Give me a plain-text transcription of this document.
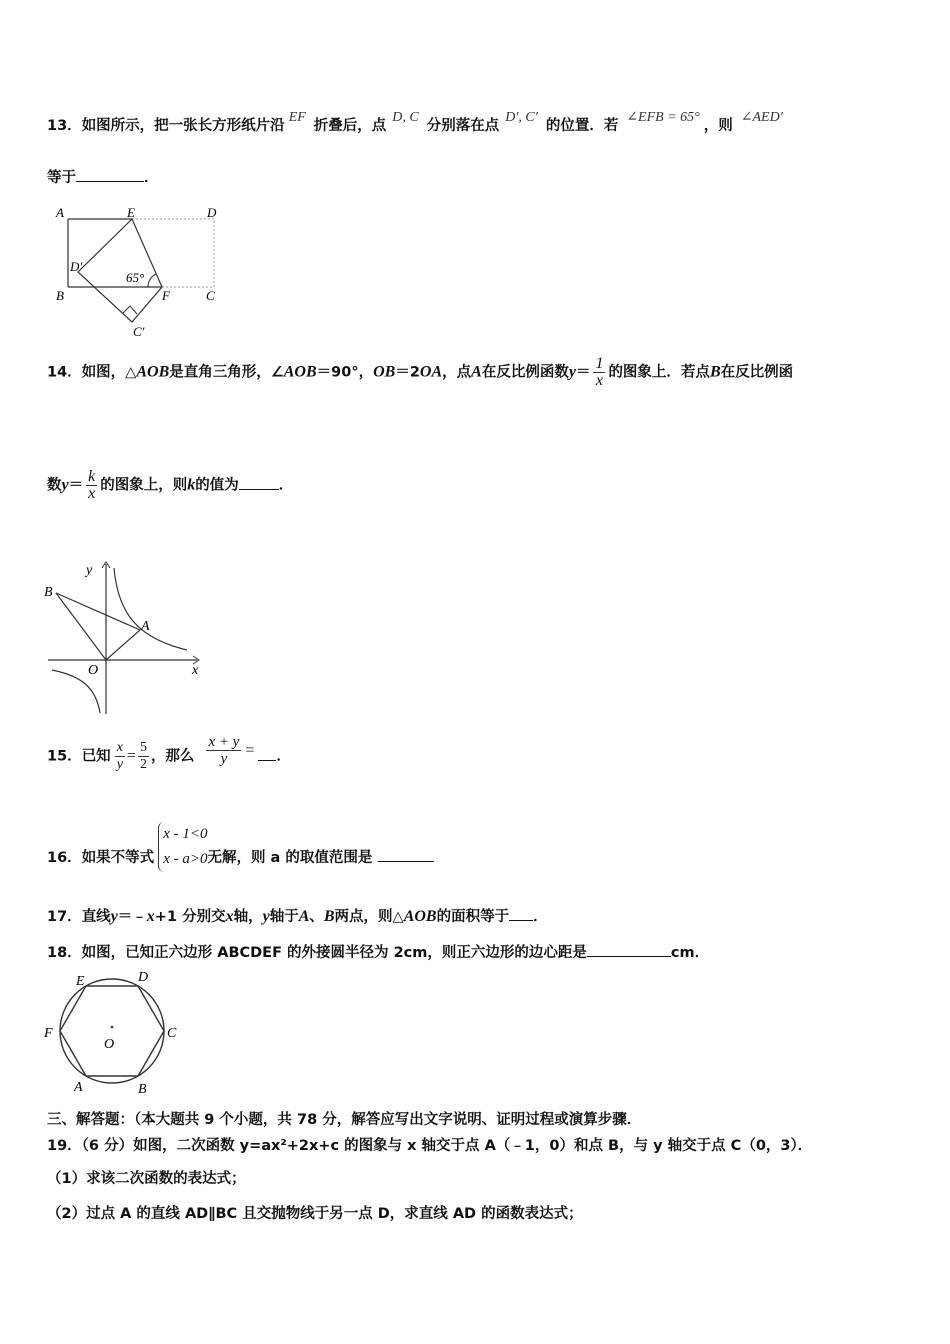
13．如图所示，把一张长方形纸片沿EF折叠后，点D, C分别落在点D′, C′的位置．若∠EFB = 65°，则∠AED′
等于	．
A	E	D
D′
65°
B	F	C
C′
14．如图，△AOB是直角三角形，∠AOB＝90°，OB＝2OA，点A在反比例函数$y= \frac{1}{x}$ 的图象上．若点B在反比例函
数$y= \frac{k}{x}$ 的图象上，则k的值为	．
B
y
A
O	x
15．已知 $\frac{x}{y} = \frac{5}{2}$ ，那么 $\frac{x + y}{y}$ = ．
16．如果不等式
x - 1<0
x - a>0 无解，则 a 的取值范围是
17．直线y＝﹣x+1 分别交x轴，y轴于A、B两点，则△AOB的面积等于 ．
18．如图，已知正六边形 ABCDEF 的外接圆半径为 2cm，则正六边形的边心距是	cm．
E	D
F	C
O
A	B
三、解答题：（本大题共 9 个小题，共 78 分，解答应写出文字说明、证明过程或演算步骤．
19．（6 分）如图，二次函数 y=ax²+2x+c 的图象与 x 轴交于点 A（﹣1，0）和点 B，与 y 轴交于点 C（0，3）．
（1）求该二次函数的表达式；
（2）过点 A 的直线 AD∥BC 且交抛物线于另一点 D，求直线 AD 的函数表达式；
